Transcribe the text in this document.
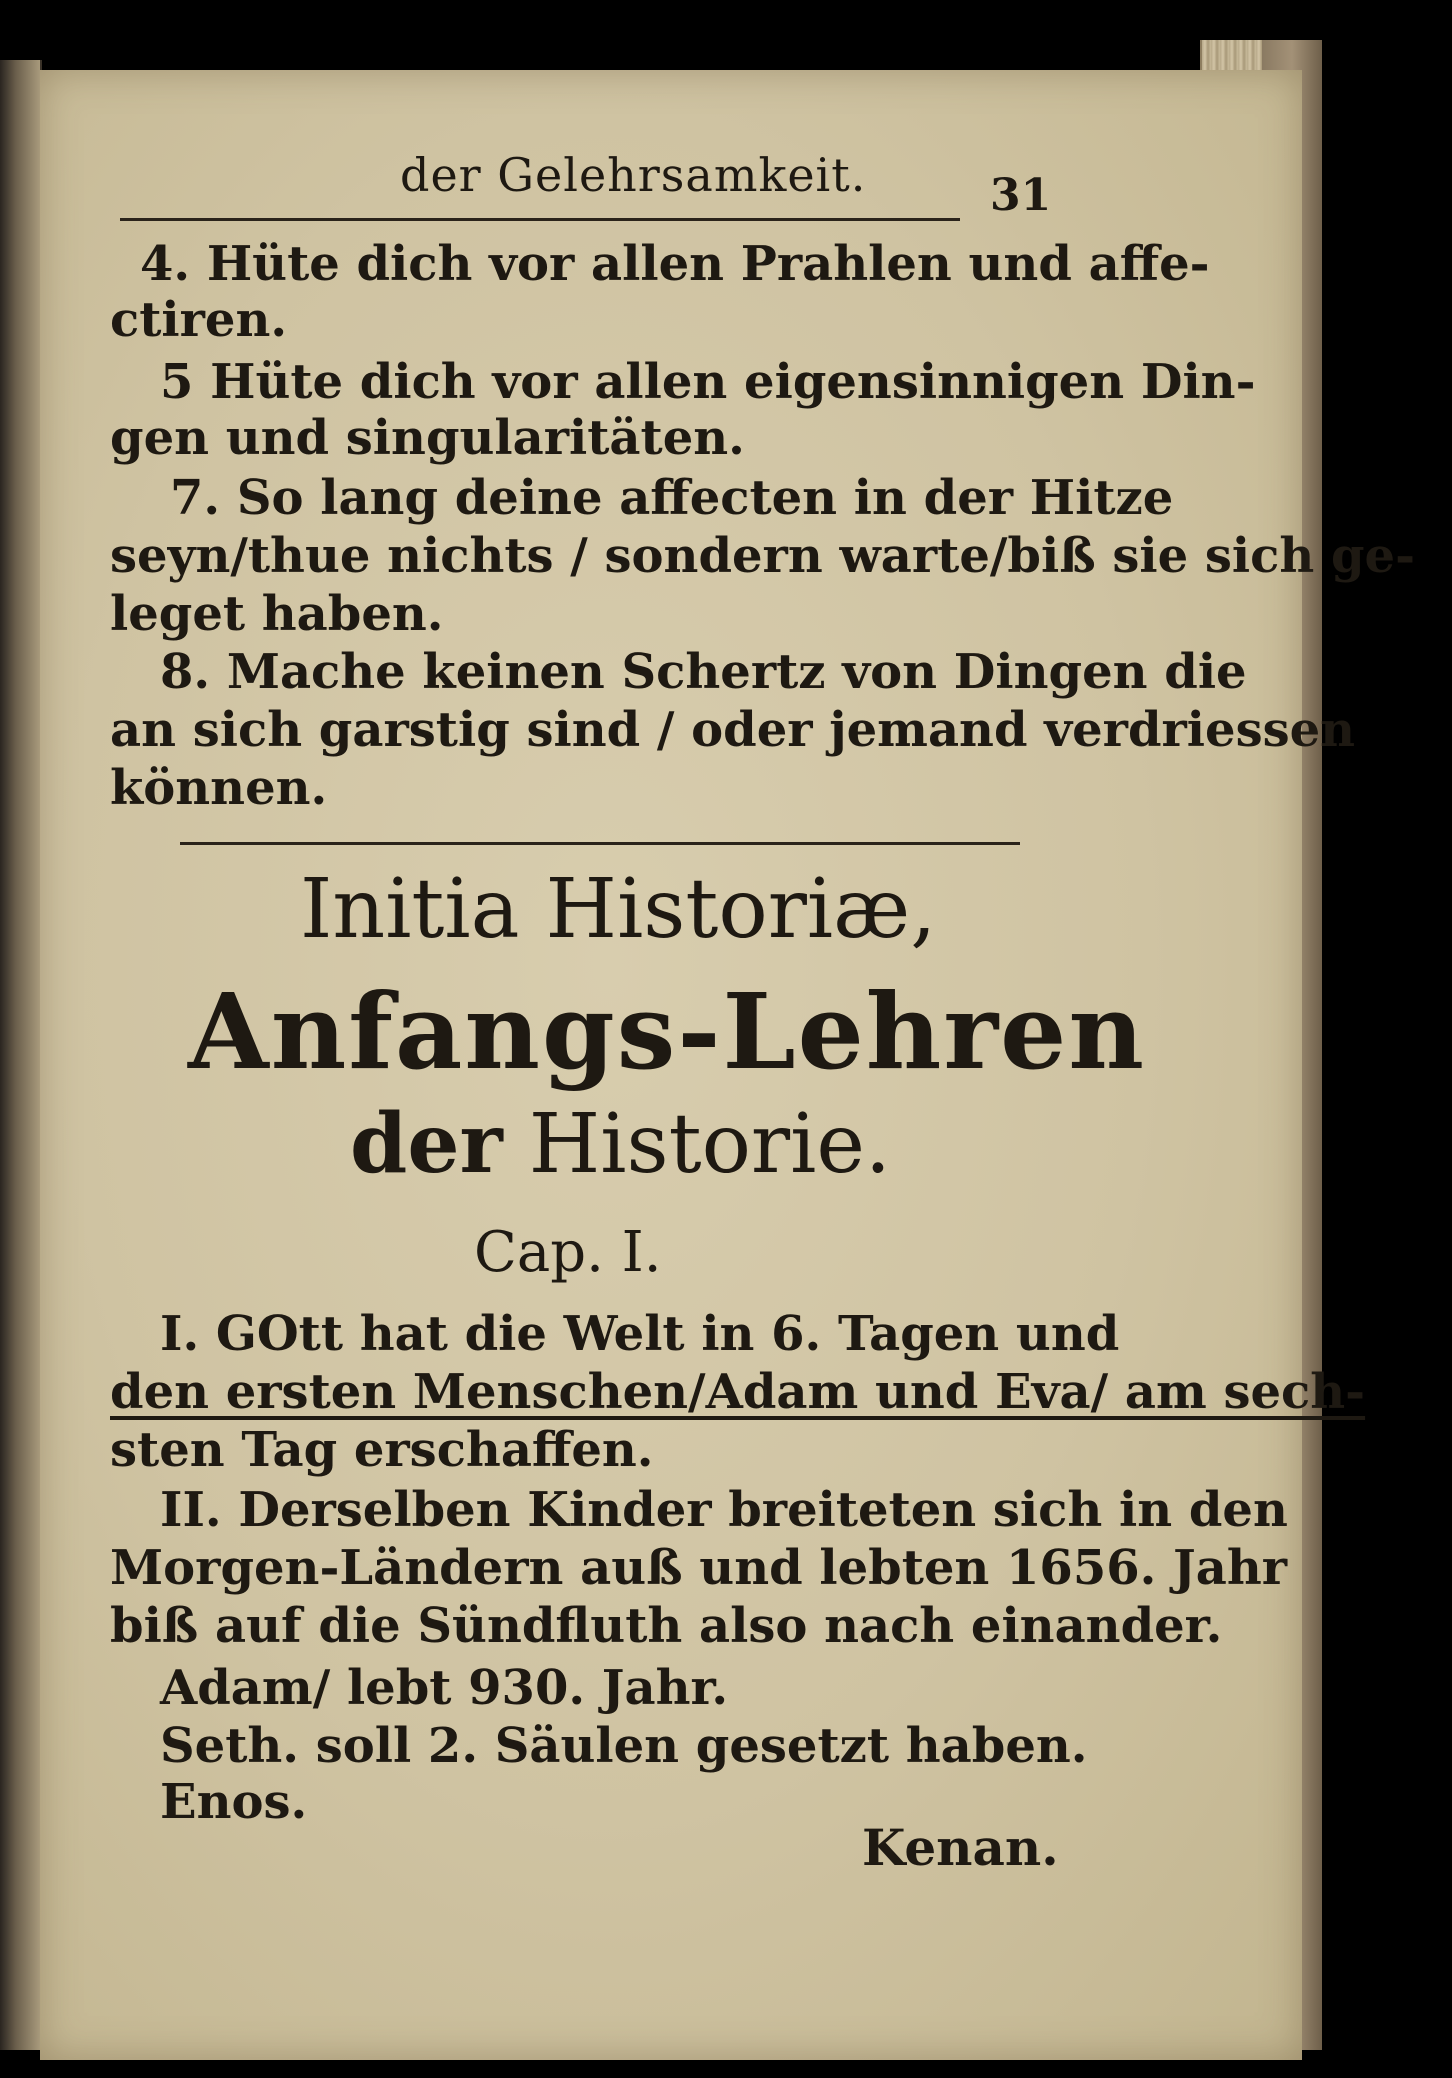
der Gelehrsamkeit.	31
4. Hüte dich vor allen Prahlen und affe-
ctiren.
5 Hüte dich vor allen eigensinnigen Din-
gen und singularitäten.
7. So lang deine affecten in der Hitze
seyn/thue nichts / sondern warte/biß sie sich ge-
leget haben.
8. Mache keinen Schertz von Dingen die
an sich garstig sind / oder jemand verdriessen
können.
Initia Historiæ,
Anfangs-Lehren
der Historie.
Cap. I.
I. GOtt hat die Welt in 6. Tagen und
den ersten Menschen/Adam und Eva/ am sech-
sten Tag erschaffen.
II. Derselben Kinder breiteten sich in den
Morgen-Ländern auß und lebten 1656. Jahr
biß auf die Sündfluth also nach einander.
Adam/ lebt 930. Jahr.
Seth. soll 2. Säulen gesetzt haben.
Enos.
Kenan.
